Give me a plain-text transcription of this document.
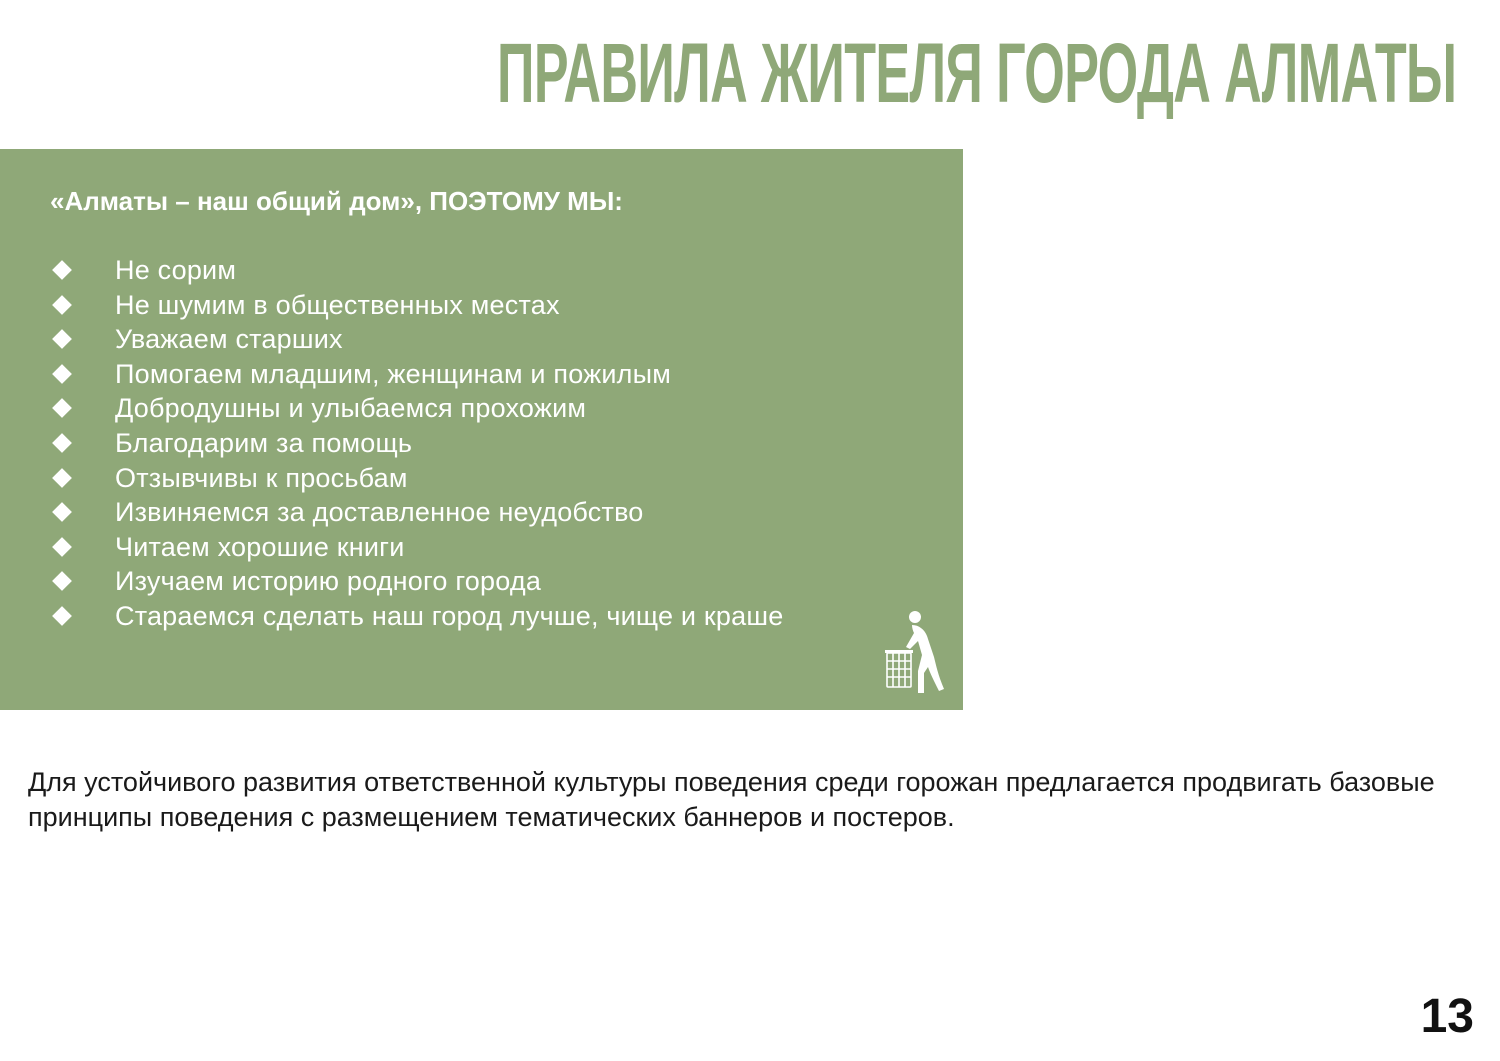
ПРАВИЛА ЖИТЕЛЯ ГОРОДА АЛМАТЫ
«Алматы – наш общий дом», ПОЭТОМУ МЫ:
Не сорим
Не шумим в общественных местах
Уважаем старших
Помогаем младшим, женщинам и пожилым
Добродушны и улыбаемся прохожим
Благодарим за помощь
Отзывчивы к просьбам
Извиняемся за доставленное неудобство
Читаем хорошие книги
Изучаем историю родного города
Стараемся сделать наш город лучше, чище и краше

Для устойчивого развития ответственной культуры поведения среди горожан предлагается продвигать базовые принципы поведения с размещением тематических баннеров и постеров.

13
